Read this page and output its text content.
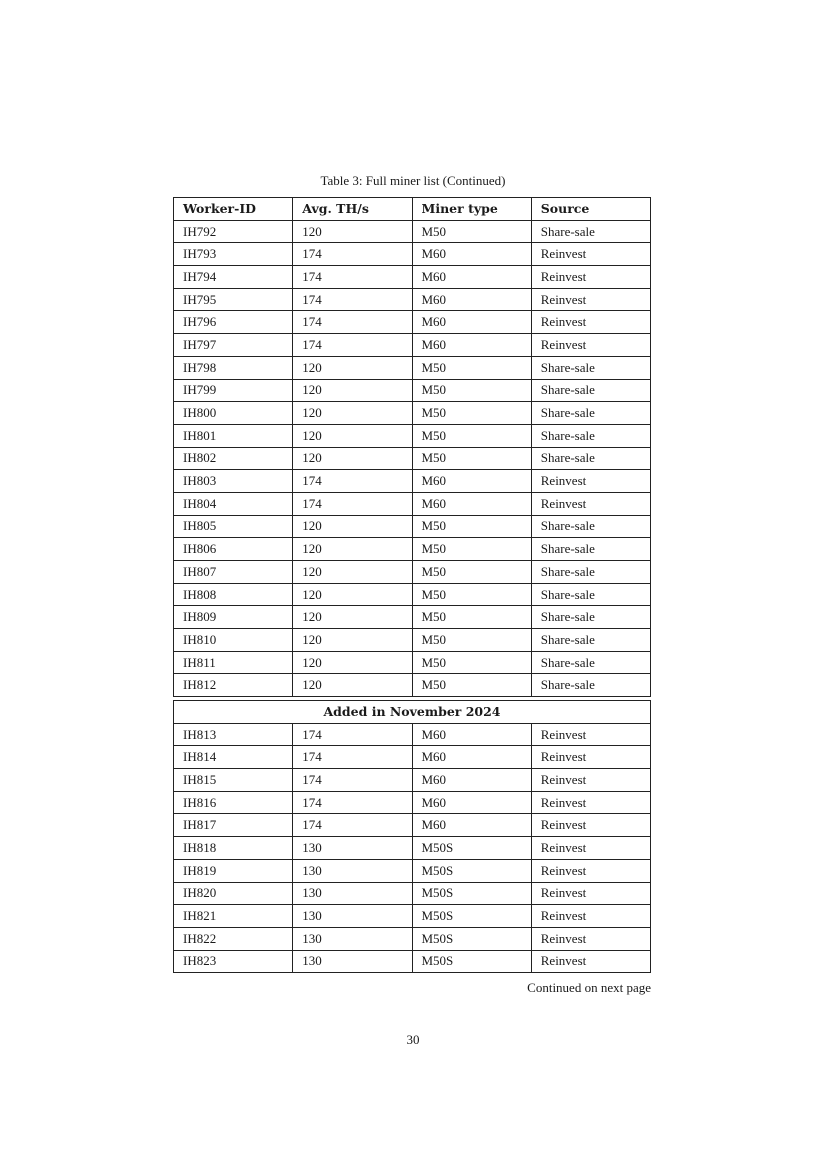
Table 3: Full miner list (Continued)
Worker-ID	Avg. TH/s	Miner type	Source
IH792	120	M50	Share-sale
IH793	174	M60	Reinvest
IH794	174	M60	Reinvest
IH795	174	M60	Reinvest
IH796	174	M60	Reinvest
IH797	174	M60	Reinvest
IH798	120	M50	Share-sale
IH799	120	M50	Share-sale
IH800	120	M50	Share-sale
IH801	120	M50	Share-sale
IH802	120	M50	Share-sale
IH803	174	M60	Reinvest
IH804	174	M60	Reinvest
IH805	120	M50	Share-sale
IH806	120	M50	Share-sale
IH807	120	M50	Share-sale
IH808	120	M50	Share-sale
IH809	120	M50	Share-sale
IH810	120	M50	Share-sale
IH811	120	M50	Share-sale
IH812	120	M50	Share-sale
Added in November 2024			
IH813	174	M60	Reinvest
IH814	174	M60	Reinvest
IH815	174	M60	Reinvest
IH816	174	M60	Reinvest
IH817	174	M60	Reinvest
IH818	130	M50S	Reinvest
IH819	130	M50S	Reinvest
IH820	130	M50S	Reinvest
IH821	130	M50S	Reinvest
IH822	130	M50S	Reinvest
IH823	130	M50S	Reinvest
Continued on next page
30
